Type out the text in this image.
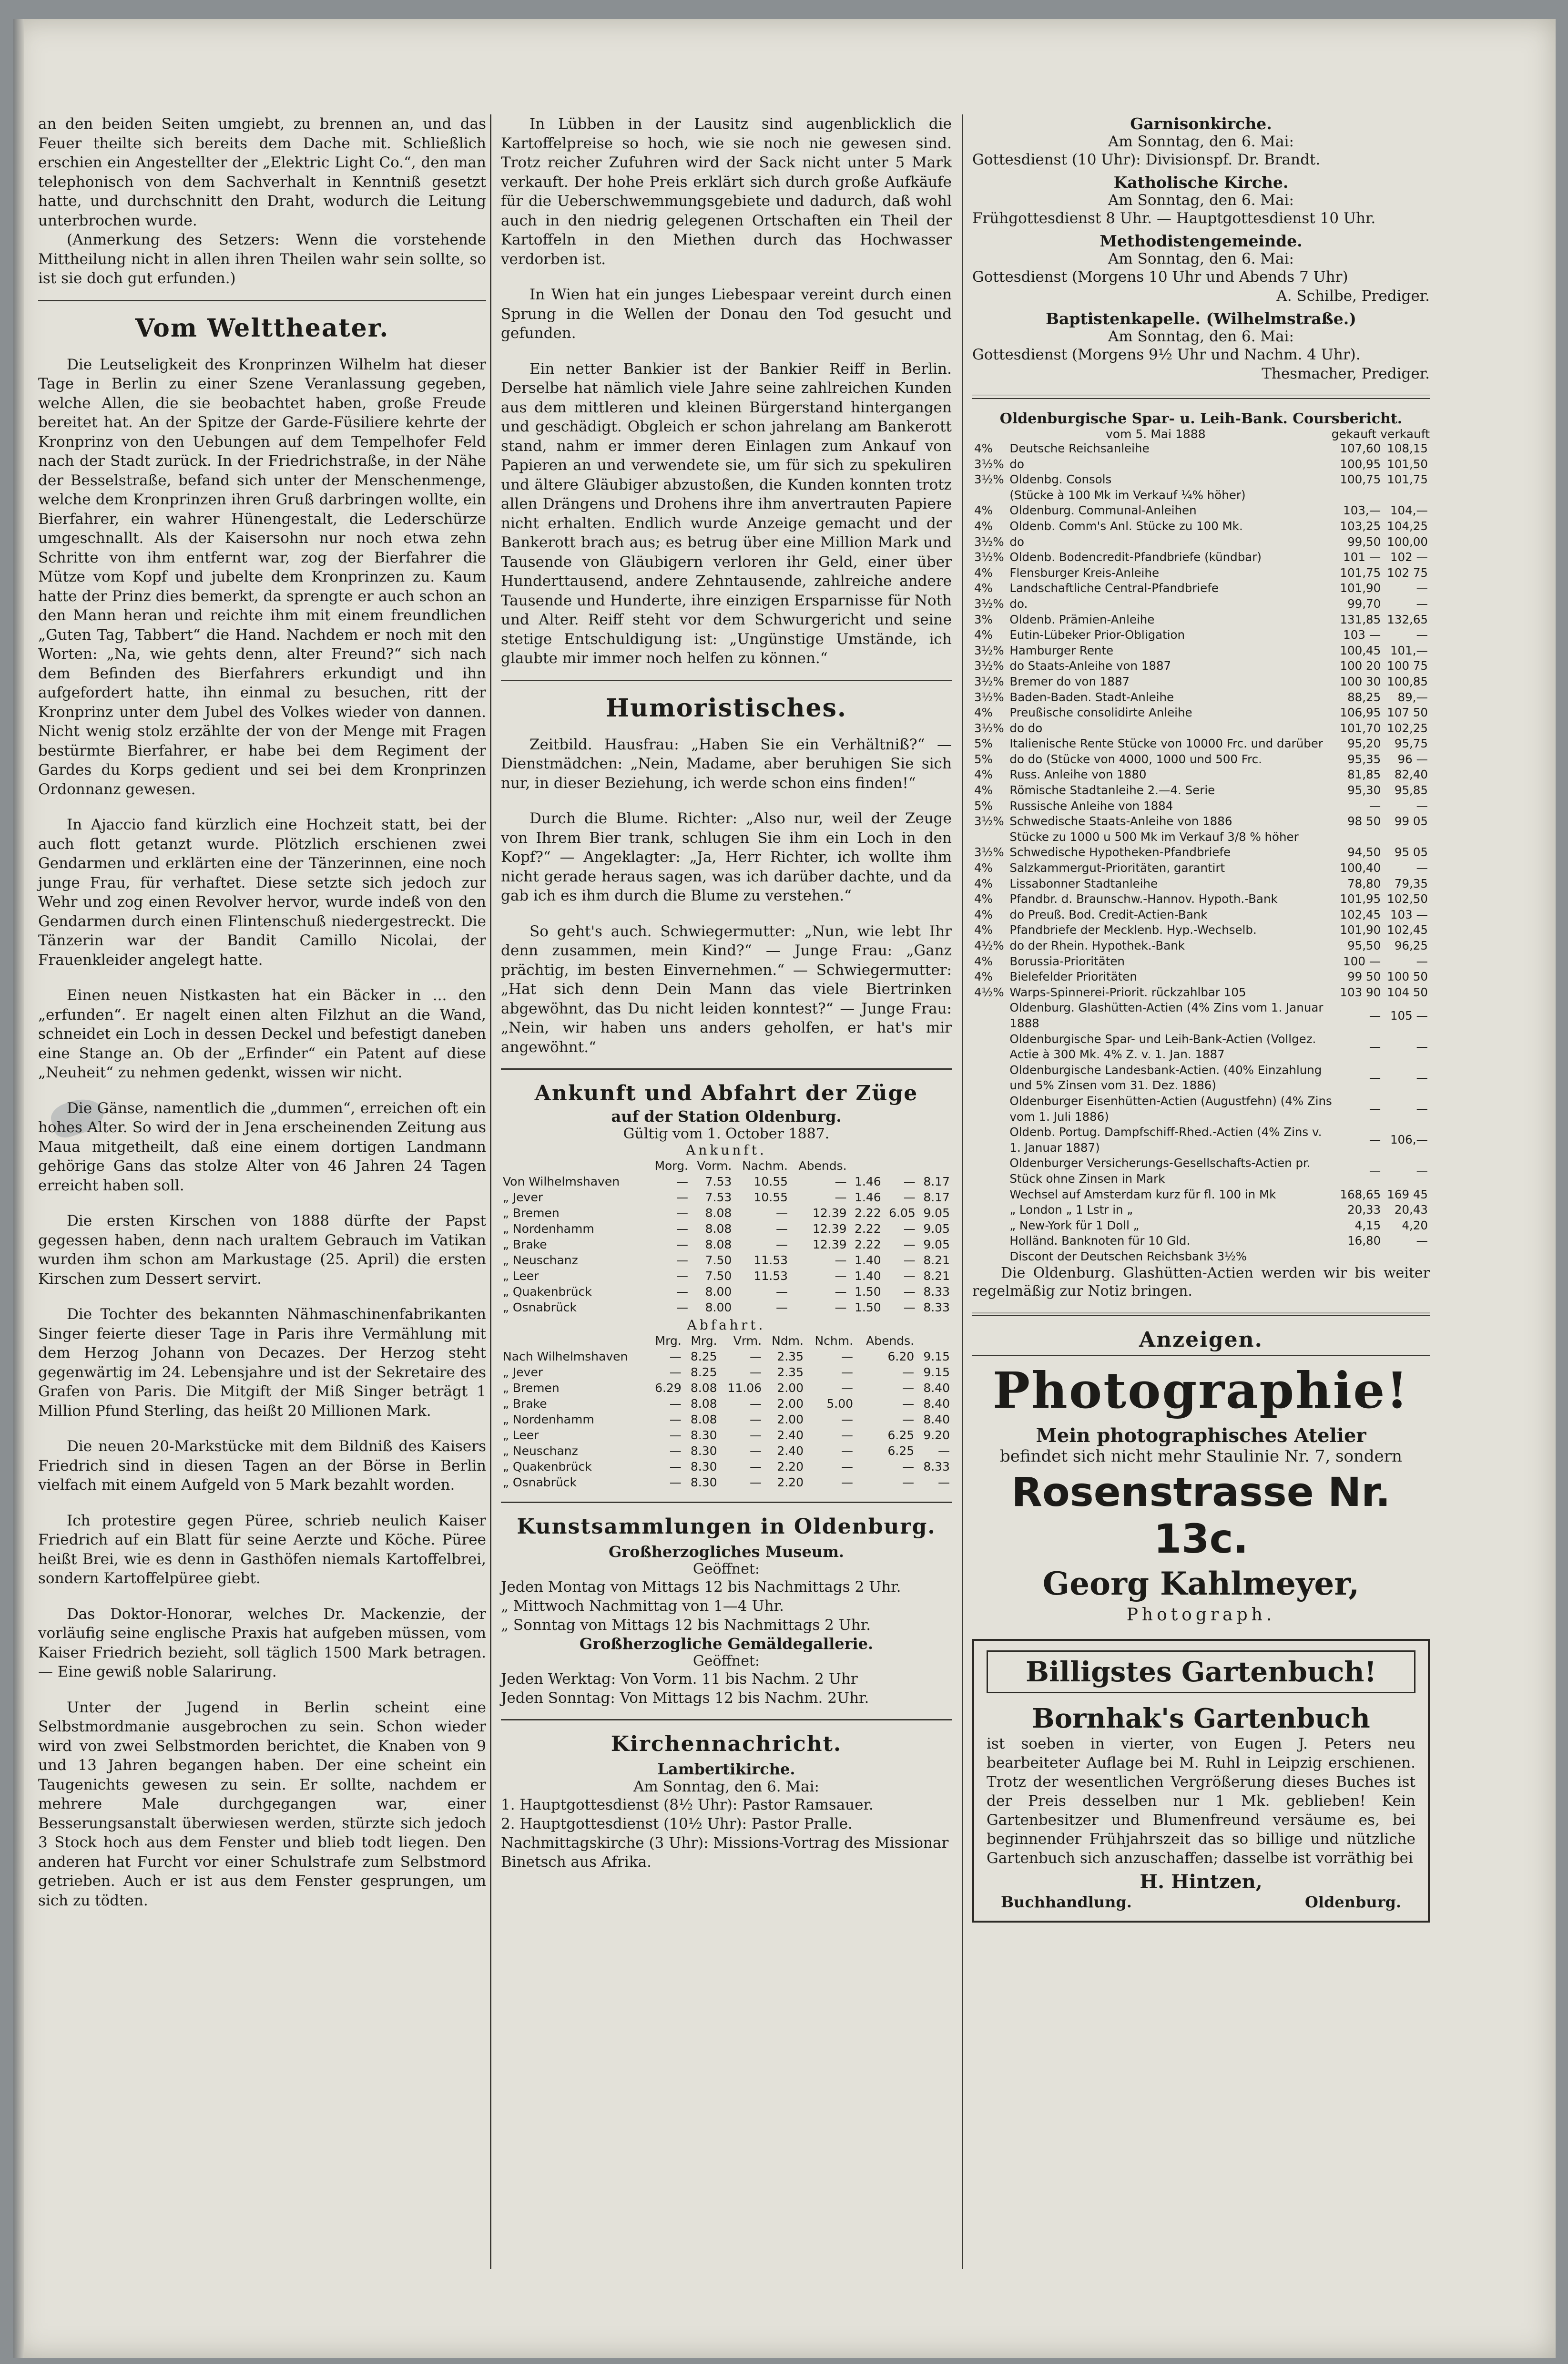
an den beiden Seiten umgiebt, zu brennen an, und das Feuer theilte sich bereits dem Dache mit. Schließlich erschien ein Angestellter der „Elektric Light Co.“, den man telephonisch von dem Sachverhalt in Kenntniß gesetzt hatte, und durchschnitt den Draht, wodurch die Leitung unterbrochen wurde.

(Anmerkung des Setzers: Wenn die vorstehende Mittheilung nicht in allen ihren Theilen wahr sein sollte, so ist sie doch gut erfunden.)

Vom Welttheater.

Die Leutseligkeit des Kronprinzen Wilhelm hat dieser Tage in Berlin zu einer Szene Veranlassung gegeben, welche Allen, die sie beobachtet haben, große Freude bereitet hat. An der Spitze der Garde-Füsiliere kehrte der Kronprinz von den Uebungen auf dem Tempelhofer Feld nach der Stadt zurück. In der Friedrichstraße, in der Nähe der Besselstraße, befand sich unter der Menschenmenge, welche dem Kronprinzen ihren Gruß darbringen wollte, ein Bierfahrer, ein wahrer Hünengestalt, die Lederschürze umgeschnallt. Als der Kaisersohn nur noch etwa zehn Schritte von ihm entfernt war, zog der Bierfahrer die Mütze vom Kopf und jubelte dem Kronprinzen zu. Kaum hatte der Prinz dies bemerkt, da sprengte er auch schon an den Mann heran und reichte ihm mit einem freundlichen „Guten Tag, Tabbert“ die Hand. Nachdem er noch mit den Worten: „Na, wie gehts denn, alter Freund?“ sich nach dem Befinden des Bierfahrers erkundigt und ihn aufgefordert hatte, ihn einmal zu besuchen, ritt der Kronprinz unter dem Jubel des Volkes wieder von dannen. Nicht wenig stolz erzählte der von der Menge mit Fragen bestürmte Bierfahrer, er habe bei dem Regiment der Gardes du Korps gedient und sei bei dem Kronprinzen Ordonnanz gewesen.

In Ajaccio fand kürzlich eine Hochzeit statt, bei der auch flott getanzt wurde. Plötzlich erschienen zwei Gendarmen und erklärten eine der Tänzerinnen, eine noch junge Frau, für verhaftet. Diese setzte sich jedoch zur Wehr und zog einen Revolver hervor, wurde indeß von den Gendarmen durch einen Flintenschuß niedergestreckt. Die Tänzerin war der Bandit Camillo Nicolai, der Frauenkleider angelegt hatte.

Einen neuen Nistkasten hat ein Bäcker in ... den „erfunden“. Er nagelt einen alten Filzhut an die Wand, schneidet ein Loch in dessen Deckel und befestigt daneben eine Stange an. Ob der „Erfinder“ ein Patent auf diese „Neuheit“ zu nehmen gedenkt, wissen wir nicht.

Die Gänse, namentlich die „dummen“, erreichen oft ein hohes Alter. So wird der in Jena erscheinenden Zeitung aus Maua mitgetheilt, daß eine einem dortigen Landmann gehörige Gans das stolze Alter von 46 Jahren 24 Tagen erreicht haben soll.

Die ersten Kirschen von 1888 dürfte der Papst gegessen haben, denn nach uraltem Gebrauch im Vatikan wurden ihm schon am Markustage (25. April) die ersten Kirschen zum Dessert servirt.

Die Tochter des bekannten Nähmaschinenfabrikanten Singer feierte dieser Tage in Paris ihre Vermählung mit dem Herzog Johann von Decazes. Der Herzog steht gegenwärtig im 24. Lebensjahre und ist der Sekretaire des Grafen von Paris. Die Mitgift der Miß Singer beträgt 1 Million Pfund Sterling, das heißt 20 Millionen Mark.

Die neuen 20-Markstücke mit dem Bildniß des Kaisers Friedrich sind in diesen Tagen an der Börse in Berlin vielfach mit einem Aufgeld von 5 Mark bezahlt worden.

Ich protestire gegen Püree, schrieb neulich Kaiser Friedrich auf ein Blatt für seine Aerzte und Köche. Püree heißt Brei, wie es denn in Gasthöfen niemals Kartoffelbrei, sondern Kartoffelpüree giebt.

Das Doktor-Honorar, welches Dr. Mackenzie, der vorläufig seine englische Praxis hat aufgeben müssen, vom Kaiser Friedrich bezieht, soll täglich 1500 Mark betragen. — Eine gewiß noble Salarirung.

Unter der Jugend in Berlin scheint eine Selbstmordmanie ausgebrochen zu sein. Schon wieder wird von zwei Selbstmorden berichtet, die Knaben von 9 und 13 Jahren begangen haben. Der eine scheint ein Taugenichts gewesen zu sein. Er sollte, nachdem er mehrere Male durchgegangen war, einer Besserungsanstalt überwiesen werden, stürzte sich jedoch 3 Stock hoch aus dem Fenster und blieb todt liegen. Den anderen hat Furcht vor einer Schulstrafe zum Selbstmord getrieben. Auch er ist aus dem Fenster gesprungen, um sich zu tödten.

In Lübben in der Lausitz sind augenblicklich die Kartoffelpreise so hoch, wie sie noch nie gewesen sind. Trotz reicher Zufuhren wird der Sack nicht unter 5 Mark verkauft. Der hohe Preis erklärt sich durch große Aufkäufe für die Ueberschwemmungsgebiete und dadurch, daß wohl auch in den niedrig gelegenen Ortschaften ein Theil der Kartoffeln in den Miethen durch das Hochwasser verdorben ist.

In Wien hat ein junges Liebespaar vereint durch einen Sprung in die Wellen der Donau den Tod gesucht und gefunden.

Ein netter Bankier ist der Bankier Reiff in Berlin. Derselbe hat nämlich viele Jahre seine zahlreichen Kunden aus dem mittleren und kleinen Bürgerstand hintergangen und geschädigt. Obgleich er schon jahrelang am Bankerott stand, nahm er immer deren Einlagen zum Ankauf von Papieren an und verwendete sie, um für sich zu spekuliren und ältere Gläubiger abzustoßen, die Kunden konnten trotz allen Drängens und Drohens ihre ihm anvertrauten Papiere nicht erhalten. Endlich wurde Anzeige gemacht und der Bankerott brach aus; es betrug über eine Million Mark und Tausende von Gläubigern verloren ihr Geld, einer über Hunderttausend, andere Zehntausende, zahlreiche andere Tausende und Hunderte, ihre einzigen Ersparnisse für Noth und Alter. Reiff steht vor dem Schwurgericht und seine stetige Entschuldigung ist: „Ungünstige Umstände, ich glaubte mir immer noch helfen zu können.“

Humoristisches.

Zeitbild. Hausfrau: „Haben Sie ein Verhältniß?“ — Dienstmädchen: „Nein, Madame, aber beruhigen Sie sich nur, in dieser Beziehung, ich werde schon eins finden!“

Durch die Blume. Richter: „Also nur, weil der Zeuge von Ihrem Bier trank, schlugen Sie ihm ein Loch in den Kopf?“ — Angeklagter: „Ja, Herr Richter, ich wollte ihm nicht gerade heraus sagen, was ich darüber dachte, und da gab ich es ihm durch die Blume zu verstehen.“

So geht's auch. Schwiegermutter: „Nun, wie lebt Ihr denn zusammen, mein Kind?“ — Junge Frau: „Ganz prächtig, im besten Einvernehmen.“ — Schwiegermutter: „Hat sich denn Dein Mann das viele Biertrinken abgewöhnt, das Du nicht leiden konntest?“ — Junge Frau: „Nein, wir haben uns anders geholfen, er hat's mir angewöhnt.“

Ankunft und Abfahrt der Züge
auf der Station Oldenburg.
Gültig vom 1. October 1887.
Ankunft.
	Morg.	Vorm.	Nachm.	Abends.			
Von Wilhelmshaven	—	7.53	10.55	—	1.46	—	8.17
„ Jever	—	7.53	10.55	—	1.46	—	8.17
„ Bremen	—	8.08	—	12.39	2.22	6.05	9.05
„ Nordenhamm	—	8.08	—	12.39	2.22	—	9.05
„ Brake	—	8.08	—	12.39	2.22	—	9.05
„ Neuschanz	—	7.50	11.53	—	1.40	—	8.21
„ Leer	—	7.50	11.53	—	1.40	—	8.21
„ Quakenbrück	—	8.00	—	—	1.50	—	8.33
„ Osnabrück	—	8.00	—	—	1.50	—	8.33
Abfahrt.
	Mrg.	Mrg.	Vrm.	Ndm.	Nchm.	Abends.	
Nach Wilhelmshaven	—	8.25	—	2.35	—	6.20	9.15
„ Jever	—	8.25	—	2.35	—	—	9.15
„ Bremen	6.29	8.08	11.06	2.00	—	—	8.40
„ Brake	—	8.08	—	2.00	5.00	—	8.40
„ Nordenhamm	—	8.08	—	2.00	—	—	8.40
„ Leer	—	8.30	—	2.40	—	6.25	9.20
„ Neuschanz	—	8.30	—	2.40	—	6.25	—
„ Quakenbrück	—	8.30	—	2.20	—	—	8.33
„ Osnabrück	—	8.30	—	2.20	—	—	—
Kunstsammlungen in Oldenburg.
Großherzogliches Museum.
Geöffnet:

Jeden Montag von Mittags 12 bis Nachmittags 2 Uhr.

„ Mittwoch Nachmittag von 1—4 Uhr.

„ Sonntag von Mittags 12 bis Nachmittags 2 Uhr.

Großherzogliche Gemäldegallerie.
Geöffnet:

Jeden Werktag: Von Vorm. 11 bis Nachm. 2 Uhr

Jeden Sonntag: Von Mittags 12 bis Nachm. 2Uhr.

Kirchennachricht.
Lambertikirche.
Am Sonntag, den 6. Mai:

1. Hauptgottesdienst (8½ Uhr): Pastor Ramsauer.

2. Hauptgottesdienst (10½ Uhr): Pastor Pralle.

Nachmittagskirche (3 Uhr): Missions-Vortrag des Missionar Binetsch aus Afrika.

Garnisonkirche.
Am Sonntag, den 6. Mai:

Gottesdienst (10 Uhr): Divisionspf. Dr. Brandt.

Katholische Kirche.
Am Sonntag, den 6. Mai:

Frühgottesdienst 8 Uhr. — Hauptgottesdienst 10 Uhr.

Methodistengemeinde.
Am Sonntag, den 6. Mai:

Gottesdienst (Morgens 10 Uhr und Abends 7 Uhr)

A. Schilbe, Prediger.

Baptistenkapelle. (Wilhelmstraße.)
Am Sonntag, den 6. Mai:

Gottesdienst (Morgens 9½ Uhr und Nachm. 4 Uhr).

Thesmacher, Prediger.

Oldenburgische Spar- u. Leih-Bank. Coursbericht.
vom 5. Mai 1888	gekauft verkauft
4%	Deutsche Reichsanleihe	107,60	108,15
3½%	do	100,95	101,50
3½%	Oldenbg. Consols	100,75	101,75
	(Stücke à 100 Mk im Verkauf ¼% höher)		
4%	Oldenburg. Communal-Anleihen	103,—	104,—
4%	Oldenb. Comm's Anl. Stücke zu 100 Mk.	103,25	104,25
3½%	do	99,50	100,00
3½%	Oldenb. Bodencredit-Pfandbriefe (kündbar)	101 —	102 —
4%	Flensburger Kreis-Anleihe	101,75	102 75
4%	Landschaftliche Central-Pfandbriefe	101,90	—
3½%	do.	99,70	—
3%	Oldenb. Prämien-Anleihe	131,85	132,65
4%	Eutin-Lübeker Prior-Obligation	103 —	—
3½%	Hamburger Rente	100,45	101,—
3½%	do Staats-Anleihe von 1887	100 20	100 75
3½%	Bremer do von 1887	100 30	100,85
3½%	Baden-Baden. Stadt-Anleihe	88,25	89,—
4%	Preußische consolidirte Anleihe	106,95	107 50
3½%	do do	101,70	102,25
5%	Italienische Rente Stücke von 10000 Frc. und darüber	95,20	95,75
5%	do do (Stücke von 4000, 1000 und 500 Frc.	95,35	96 —
4%	Russ. Anleihe von 1880	81,85	82,40
4%	Römische Stadtanleihe 2.—4. Serie	95,30	95,85
5%	Russische Anleihe von 1884	—	—
3½%	Schwedische Staats-Anleihe von 1886	98 50	99 05
	Stücke zu 1000 u 500 Mk im Verkauf 3/8 % höher		
3½%	Schwedische Hypotheken-Pfandbriefe	94,50	95 05
4%	Salzkammergut-Prioritäten, garantirt	100,40	—
4%	Lissabonner Stadtanleihe	78,80	79,35
4%	Pfandbr. d. Braunschw.-Hannov. Hypoth.-Bank	101,95	102,50
4%	do Preuß. Bod. Credit-Actien-Bank	102,45	103 —
4%	Pfandbriefe der Mecklenb. Hyp.-Wechselb.	101,90	102,45
4½%	do der Rhein. Hypothek.-Bank	95,50	96,25
4%	Borussia-Prioritäten	100 —	—
4%	Bielefelder Prioritäten	99 50	100 50
4½%	Warps-Spinnerei-Priorit. rückzahlbar 105	103 90	104 50
	Oldenburg. Glashütten-Actien (4% Zins vom 1. Januar 1888	—	105 —
	Oldenburgische Spar- und Leih-Bank-Actien (Vollgez. Actie à 300 Mk. 4% Z. v. 1. Jan. 1887	—	—
	Oldenburgische Landesbank-Actien. (40% Einzahlung und 5% Zinsen vom 31. Dez. 1886)	—	—
	Oldenburger Eisenhütten-Actien (Augustfehn) (4% Zins vom 1. Juli 1886)	—	—
	Oldenb. Portug. Dampfschiff-Rhed.-Actien (4% Zins v. 1. Januar 1887)	—	106,—
	Oldenburger Versicherungs-Gesellschafts-Actien pr. Stück ohne Zinsen in Mark	—	—
	Wechsel auf Amsterdam kurz für fl. 100 in Mk	168,65	169 45
	„ London „ 1 Lstr in „	20,33	20,43
	„ New-York für 1 Doll „	4,15	4,20
	Holländ. Banknoten für 10 Gld.	16,80	—
	Discont der Deutschen Reichsbank 3½%		

Die Oldenburg. Glashütten-Actien werden wir bis weiter regelmäßig zur Notiz bringen.

Anzeigen.
Photographie!
Mein photographisches Atelier
befindet sich nicht mehr Staulinie Nr. 7, sondern
Rosenstrasse Nr. 13c.
Georg Kahlmeyer,
Photograph.
Billigstes Gartenbuch!
Bornhak's Gartenbuch

ist soeben in vierter, von Eugen J. Peters neu bearbeiteter Auflage bei M. Ruhl in Leipzig erschienen. Trotz der wesentlichen Vergrößerung dieses Buches ist der Preis desselben nur 1 Mk. geblieben! Kein Gartenbesitzer und Blumenfreund versäume es, bei beginnender Frühjahrszeit das so billige und nützliche Gartenbuch sich anzuschaffen; dasselbe ist vorräthig bei

H. Hintzen,
Buchhandlung.	Oldenburg.
